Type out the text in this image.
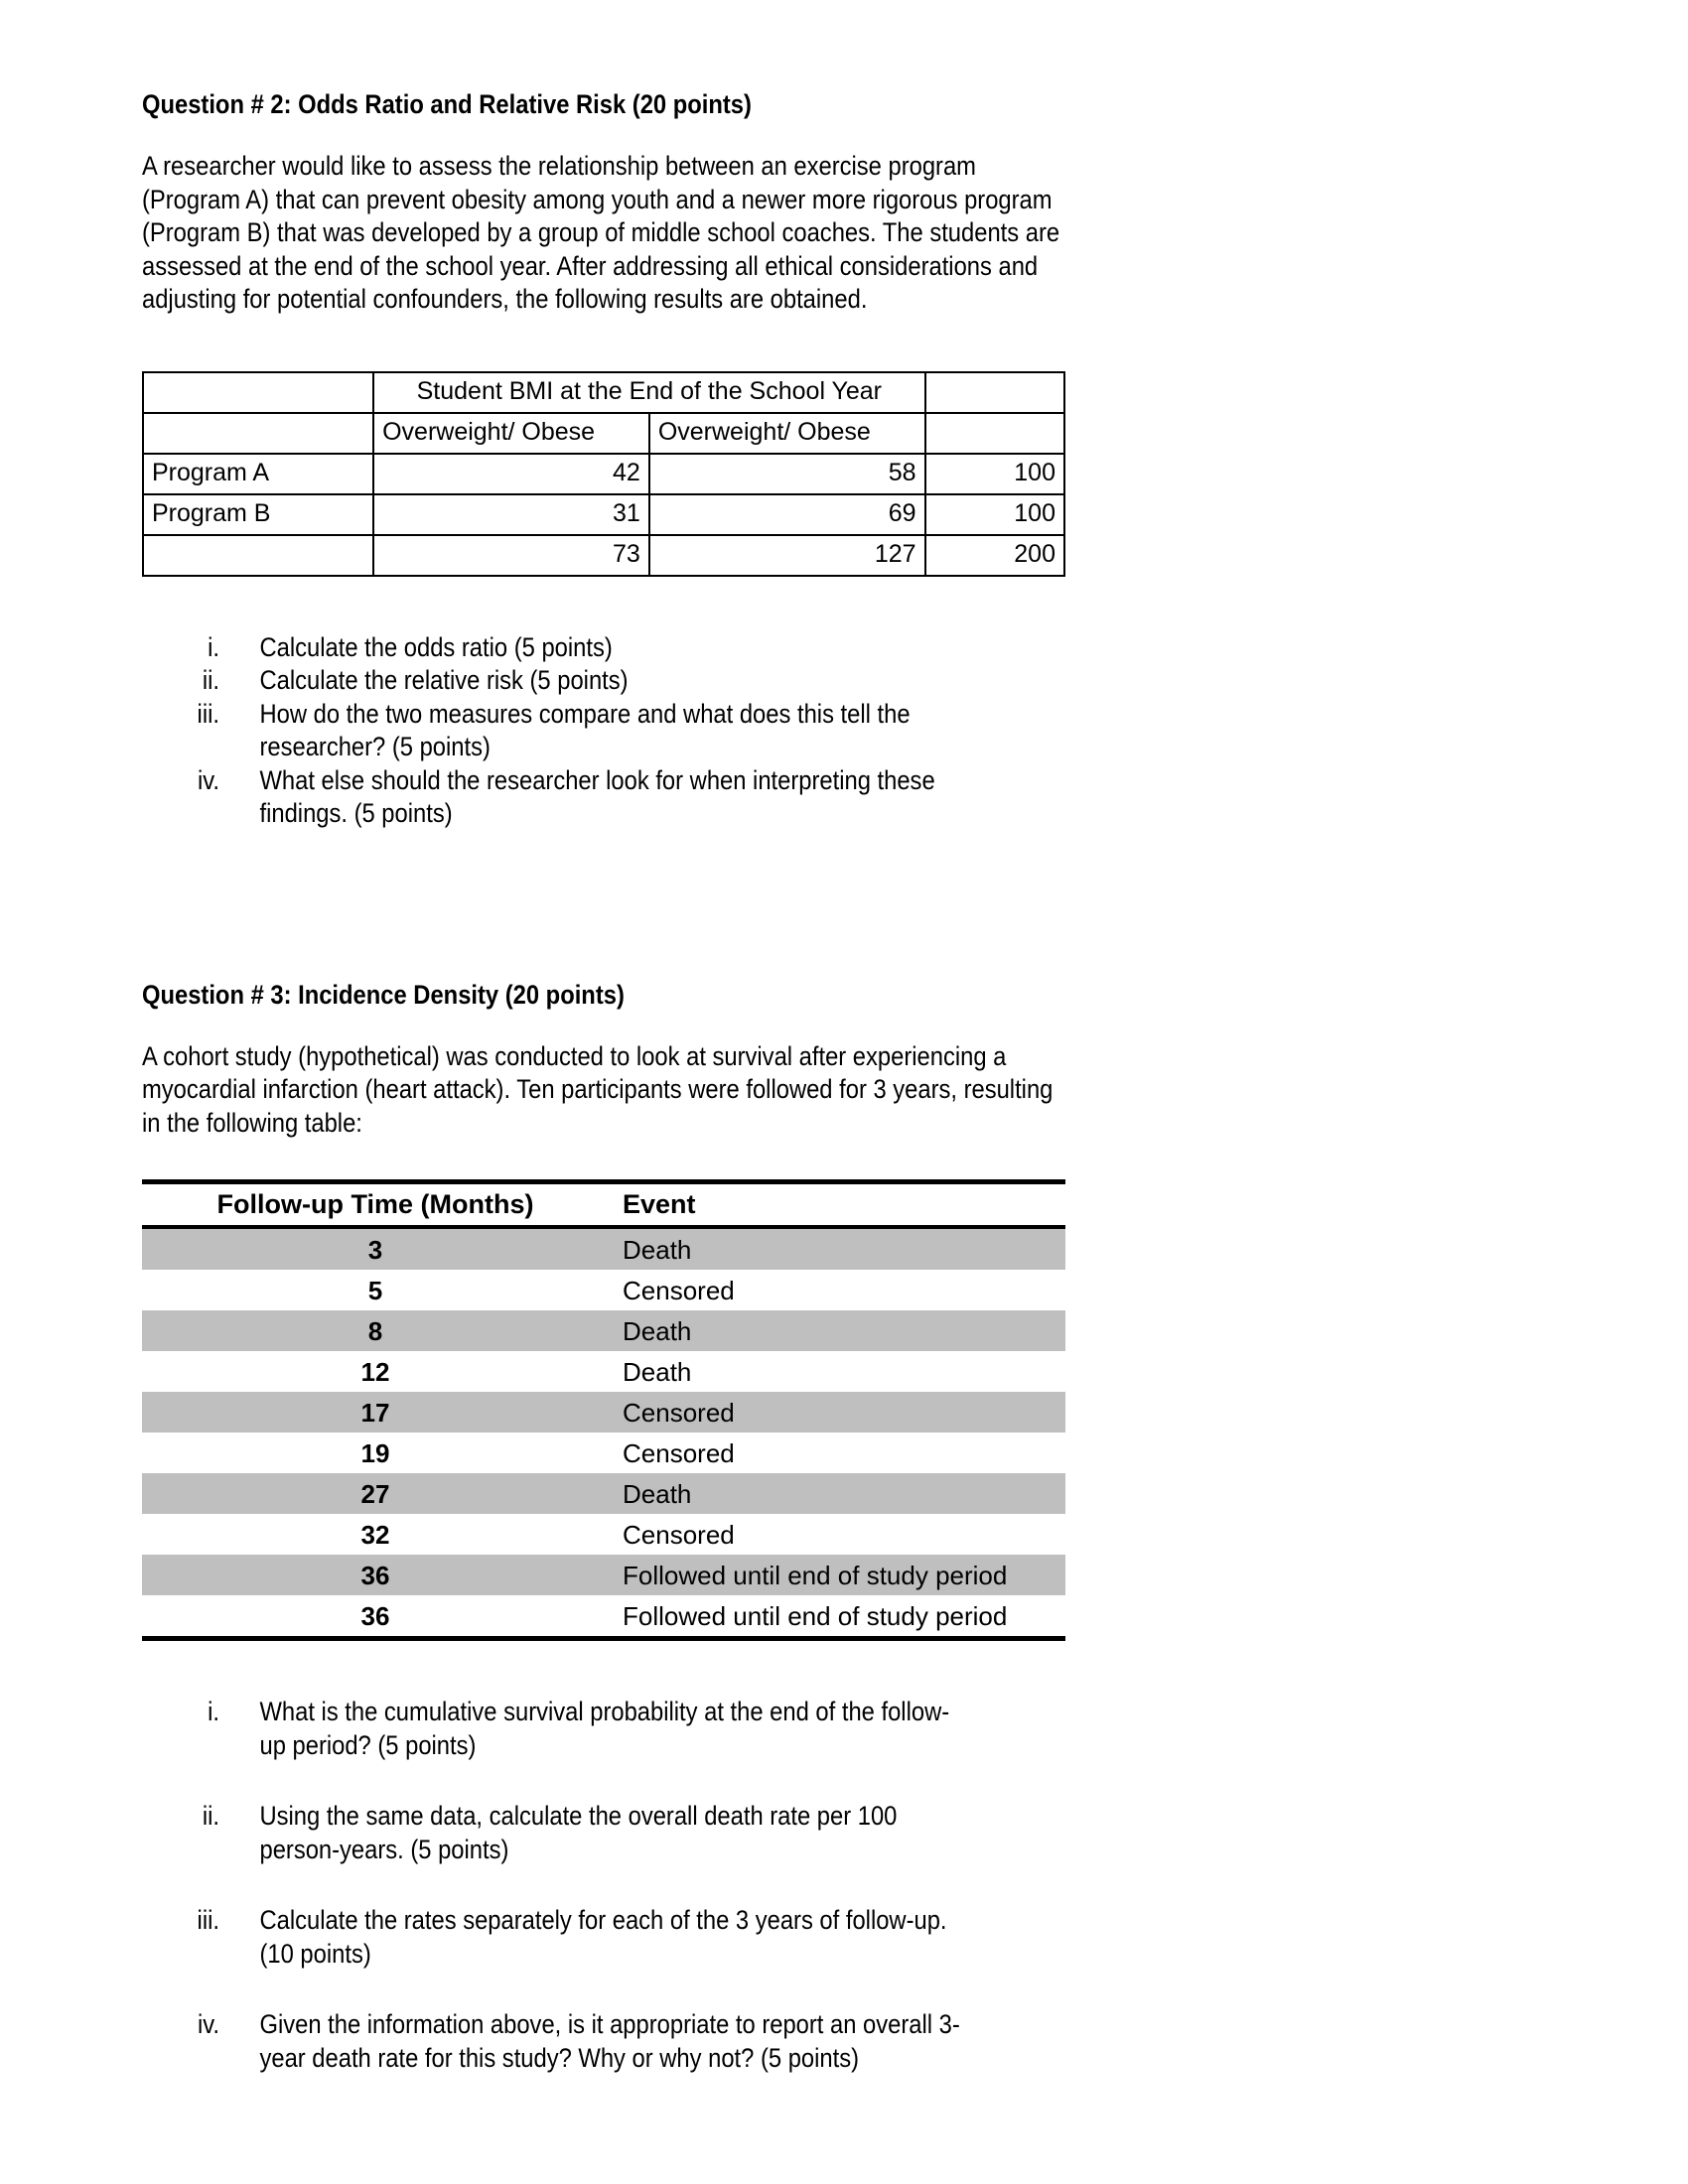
Question # 2: Odds Ratio and Relative Risk (20 points)
A researcher would like to assess the relationship between an exercise program (Program A) that can prevent obesity among youth and a newer more rigorous program (Program B) that was developed by a group of middle school coaches. The students are assessed at the end of the school year. After addressing all ethical considerations and adjusting for potential confounders, the following results are obtained.
	Student BMI at the End of the School Year		
	Overweight/ Obese	Overweight/ Obese	
Program A	42	58	100
Program B	31	69	100
	73	127	200
i.	Calculate the odds ratio (5 points)
ii.	Calculate the relative risk (5 points)
iii.	How do the two measures compare and what does this tell the researcher? (5 points)
iv.	What else should the researcher look for when interpreting these findings. (5 points)
Question # 3: Incidence Density (20 points)
A cohort study (hypothetical) was conducted to look at survival after experiencing a myocardial infarction (heart attack). Ten participants were followed for 3 years, resulting in the following table:
Follow-up Time (Months)	Event
3	Death
5	Censored
8	Death
12	Death
17	Censored
19	Censored
27	Death
32	Censored
36	Followed until end of study period
36	Followed until end of study period
i.	What is the cumulative survival probability at the end of the follow-up period? (5 points)
ii.	Using the same data, calculate the overall death rate per 100 person-years. (5 points)
iii.	Calculate the rates separately for each of the 3 years of follow-up. (10 points)
iv.	Given the information above, is it appropriate to report an overall 3-year death rate for this study? Why or why not? (5 points)
